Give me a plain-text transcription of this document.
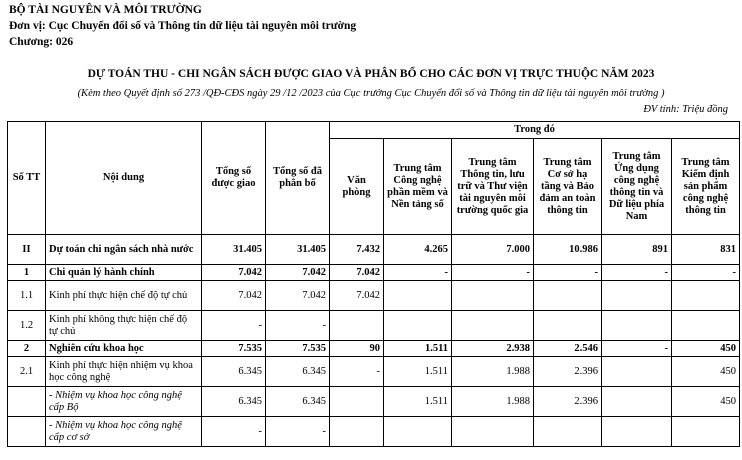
BỘ TÀI NGUYÊN VÀ MÔI TRƯỜNG
Đơn vị: Cục Chuyển đổi số và Thông tin dữ liệu tài nguyên môi trường
Chương: 026
DỰ TOÁN THU - CHI NGÂN SÁCH ĐƯỢC GIAO VÀ PHÂN BỔ CHO CÁC ĐƠN VỊ TRỰC THUỘC NĂM 2023
(Kèm theo Quyết định số 273 /QĐ-CĐS ngày 29 /12 /2023 của Cục trưởng Cục Chuyển đổi số và Thông tin dữ liệu tài nguyên môi trường )
ĐV tính: Triệu đồng
Số TT	Nội dung	Tổng số được giao	Tổng số đã phân bổ	Trong đó					
				Văn phòng	Trung tâm Công nghệ phần mềm và Nền tảng số	Trung tâm Thông tin, lưu trữ và Thư viện tài nguyên môi trường quốc gia	Trung tâm Cơ sở hạ tầng và Bảo đảm an toàn thông tin	Trung tâm Ứng dụng công nghệ thông tin và Dữ liệu phía Nam	Trung tâm Kiểm định sản phẩm công nghệ thông tin
II	Dự toán chi ngân sách nhà nước	31.405	31.405	7.432	4.265	7.000	10.986	891	831
1	Chi quản lý hành chính	7.042	7.042	7.042	-	-	-	-	-
1.1	Kinh phí thực hiện chế độ tự chủ	7.042	7.042	7.042					
1.2	Kinh phí không thực hiện chế độ tự chủ	-	-						
2	Nghiên cứu khoa học	7.535	7.535	90	1.511	2.938	2.546	-	450
2.1	Kinh phí thực hiện nhiệm vụ khoa học công nghệ	6.345	6.345	-	1.511	1.988	2.396		450
	- Nhiệm vụ khoa học công nghệ cấp Bộ	6.345	6.345		1.511	1.988	2.396		450
	- Nhiệm vụ khoa học công nghệ cấp cơ sở	-	-						
